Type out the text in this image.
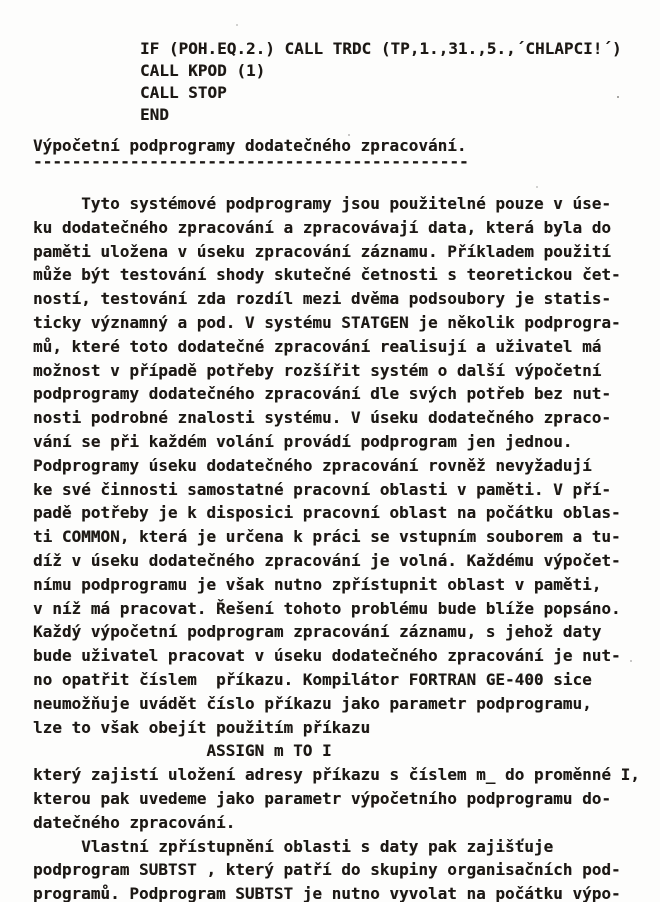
IF (POH.EQ.2.) CALL TRDC (TP,1.,31.,5.,´CHLAPCI!´)
CALL KPOD (1)
CALL STOP
END
Výpočetní podprogramy dodatečného zpracování.
---------------------------------------------
Tyto systémové podprogramy jsou použitelné pouze v úse-
ku dodatečného zpracování a zpracovávají data, která byla do
paměti uložena v úseku zpracování záznamu. Příkladem použití
může být testování shody skutečné četnosti s teoretickou čet-
ností, testování zda rozdíl mezi dvěma podsoubory je statis-
ticky významný a pod. V systému STATGEN je několik podprogra-
mů, které toto dodatečné zpracování realisují a uživatel má
možnost v případě potřeby rozšířit systém o další výpočetní
podprogramy dodatečného zpracování dle svých potřeb bez nut-
nosti podrobné znalosti systému. V úseku dodatečného zpraco-
vání se při každém volání provádí podprogram jen jednou.
Podprogramy úseku dodatečného zpracování rovněž nevyžadují
ke své činnosti samostatné pracovní oblasti v paměti. V pří-
padě potřeby je k disposici pracovní oblast na počátku oblas-
ti COMMON, která je určena k práci se vstupním souborem a tu-
díž v úseku dodatečného zpracování je volná. Každému výpočet-
nímu podprogramu je však nutno zpřístupnit oblast v paměti,
v níž má pracovat. Řešení tohoto problému bude blíže popsáno.
Každý výpočetní podprogram zpracování záznamu, s jehož daty
bude uživatel pracovat v úseku dodatečného zpracování je nut-
no opatřit číslem  příkazu. Kompilátor FORTRAN GE-400 sice
neumožňuje uvádět číslo příkazu jako parametr podprogramu,
lze to však obejít použitím příkazu
ASSIGN m TO I
který zajistí uložení adresy příkazu s číslem m̲ do proměnné I,
kterou pak uvedeme jako parametr výpočetního podprogramu do-
datečného zpracování.
Vlastní zpřístupnění oblasti s daty pak zajišťuje
podprogram SUBTST , který patří do skupiny organisačních pod-
programů. Podprogram SUBTST je nutno vyvolat na počátku výpo-
